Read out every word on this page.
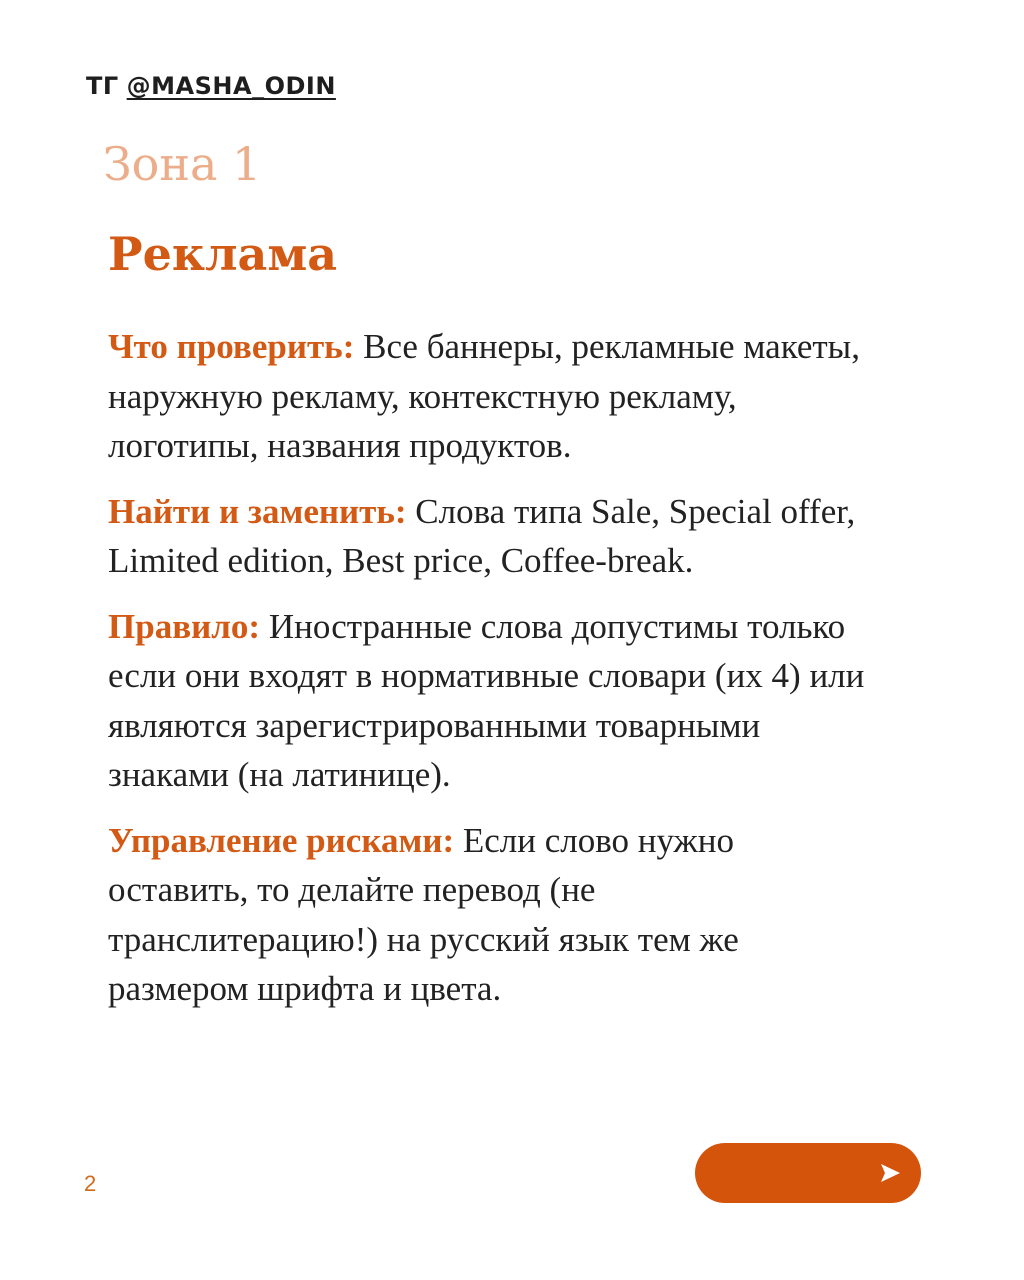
ТГ @MASHA_ODIN
Зона 1
Реклама

Что проверить: Все баннеры, рекламные макеты, наружную рекламу, контекстную рекламу, логотипы, названия продуктов.

Найти и заменить: Слова типа Sale, Special offer, Limited edition, Best price, Coffee-break.

Правило: Иностранные слова допустимы только если они входят в нормативные словари (их 4) или являются зарегистрированными товарными знаками (на латинице).

Управление рисками: Если слово нужно оставить, то делайте перевод (не транслитерацию!) на русский язык тем же размером шрифта и цвета.

2
